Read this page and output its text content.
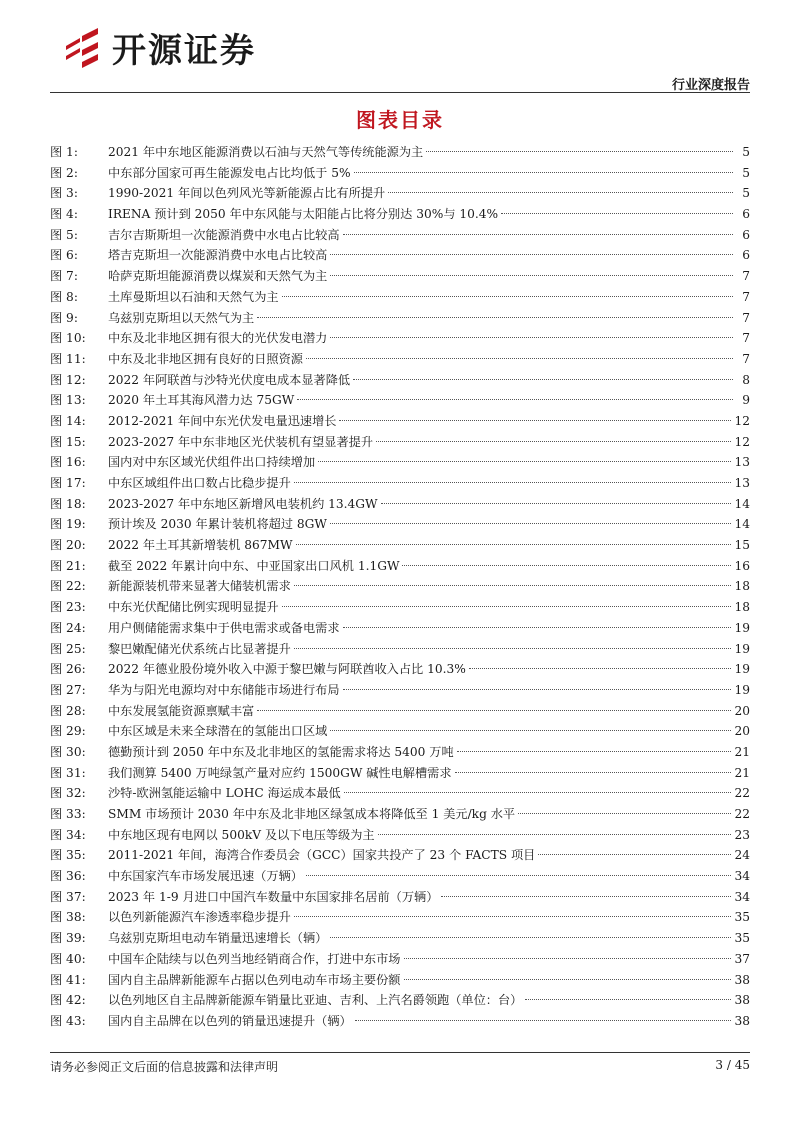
开源证券
行业深度报告
图表目录
图 1:	2021 年中东地区能源消费以石油与天然气等传统能源为主	5
图 2:	中东部分国家可再生能源发电占比均低于 5%	5
图 3:	1990-2021 年间以色列风光等新能源占比有所提升	5
图 4:	IRENA 预计到 2050 年中东风能与太阳能占比将分别达 30%与 10.4%	6
图 5:	吉尔吉斯斯坦一次能源消费中水电占比较高	6
图 6:	塔吉克斯坦一次能源消费中水电占比较高	6
图 7:	哈萨克斯坦能源消费以煤炭和天然气为主	7
图 8:	土库曼斯坦以石油和天然气为主	7
图 9:	乌兹别克斯坦以天然气为主	7
图 10:	中东及北非地区拥有很大的光伏发电潜力	7
图 11:	中东及北非地区拥有良好的日照资源	7
图 12:	2022 年阿联酋与沙特光伏度电成本显著降低	8
图 13:	2020 年土耳其海风潜力达 75GW	9
图 14:	2012-2021 年间中东光伏发电量迅速增长	12
图 15:	2023-2027 年中东非地区光伏装机有望显著提升	12
图 16:	国内对中东区域光伏组件出口持续增加	13
图 17:	中东区域组件出口数占比稳步提升	13
图 18:	2023-2027 年中东地区新增风电装机约 13.4GW	14
图 19:	预计埃及 2030 年累计装机将超过 8GW	14
图 20:	2022 年土耳其新增装机 867MW	15
图 21:	截至 2022 年累计向中东、中亚国家出口风机 1.1GW	16
图 22:	新能源装机带来显著大储装机需求	18
图 23:	中东光伏配储比例实现明显提升	18
图 24:	用户侧储能需求集中于供电需求或备电需求	19
图 25:	黎巴嫩配储光伏系统占比显著提升	19
图 26:	2022 年德业股份境外收入中源于黎巴嫩与阿联酋收入占比 10.3%	19
图 27:	华为与阳光电源均对中东储能市场进行布局	19
图 28:	中东发展氢能资源禀赋丰富	20
图 29:	中东区域是未来全球潜在的氢能出口区域	20
图 30:	德勤预计到 2050 年中东及北非地区的氢能需求将达 5400 万吨	21
图 31:	我们测算 5400 万吨绿氢产量对应约 1500GW 碱性电解槽需求	21
图 32:	沙特-欧洲氢能运输中 LOHC 海运成本最低	22
图 33:	SMM 市场预计 2030 年中东及北非地区绿氢成本将降低至 1 美元/kg 水平	22
图 34:	中东地区现有电网以 500kV 及以下电压等级为主	23
图 35:	2011-2021 年间，海湾合作委员会（GCC）国家共投产了 23 个 FACTS 项目	24
图 36:	中东国家汽车市场发展迅速（万辆）	34
图 37:	2023 年 1-9 月进口中国汽车数量中东国家排名居前（万辆）	34
图 38:	以色列新能源汽车渗透率稳步提升	35
图 39:	乌兹别克斯坦电动车销量迅速增长（辆）	35
图 40:	中国车企陆续与以色列当地经销商合作，打进中东市场	37
图 41:	国内自主品牌新能源车占据以色列电动车市场主要份额	38
图 42:	以色列地区自主品牌新能源车销量比亚迪、吉利、上汽名爵领跑（单位：台）	38
图 43:	国内自主品牌在以色列的销量迅速提升（辆）	38
请务必参阅正文后面的信息披露和法律声明	3 / 45
